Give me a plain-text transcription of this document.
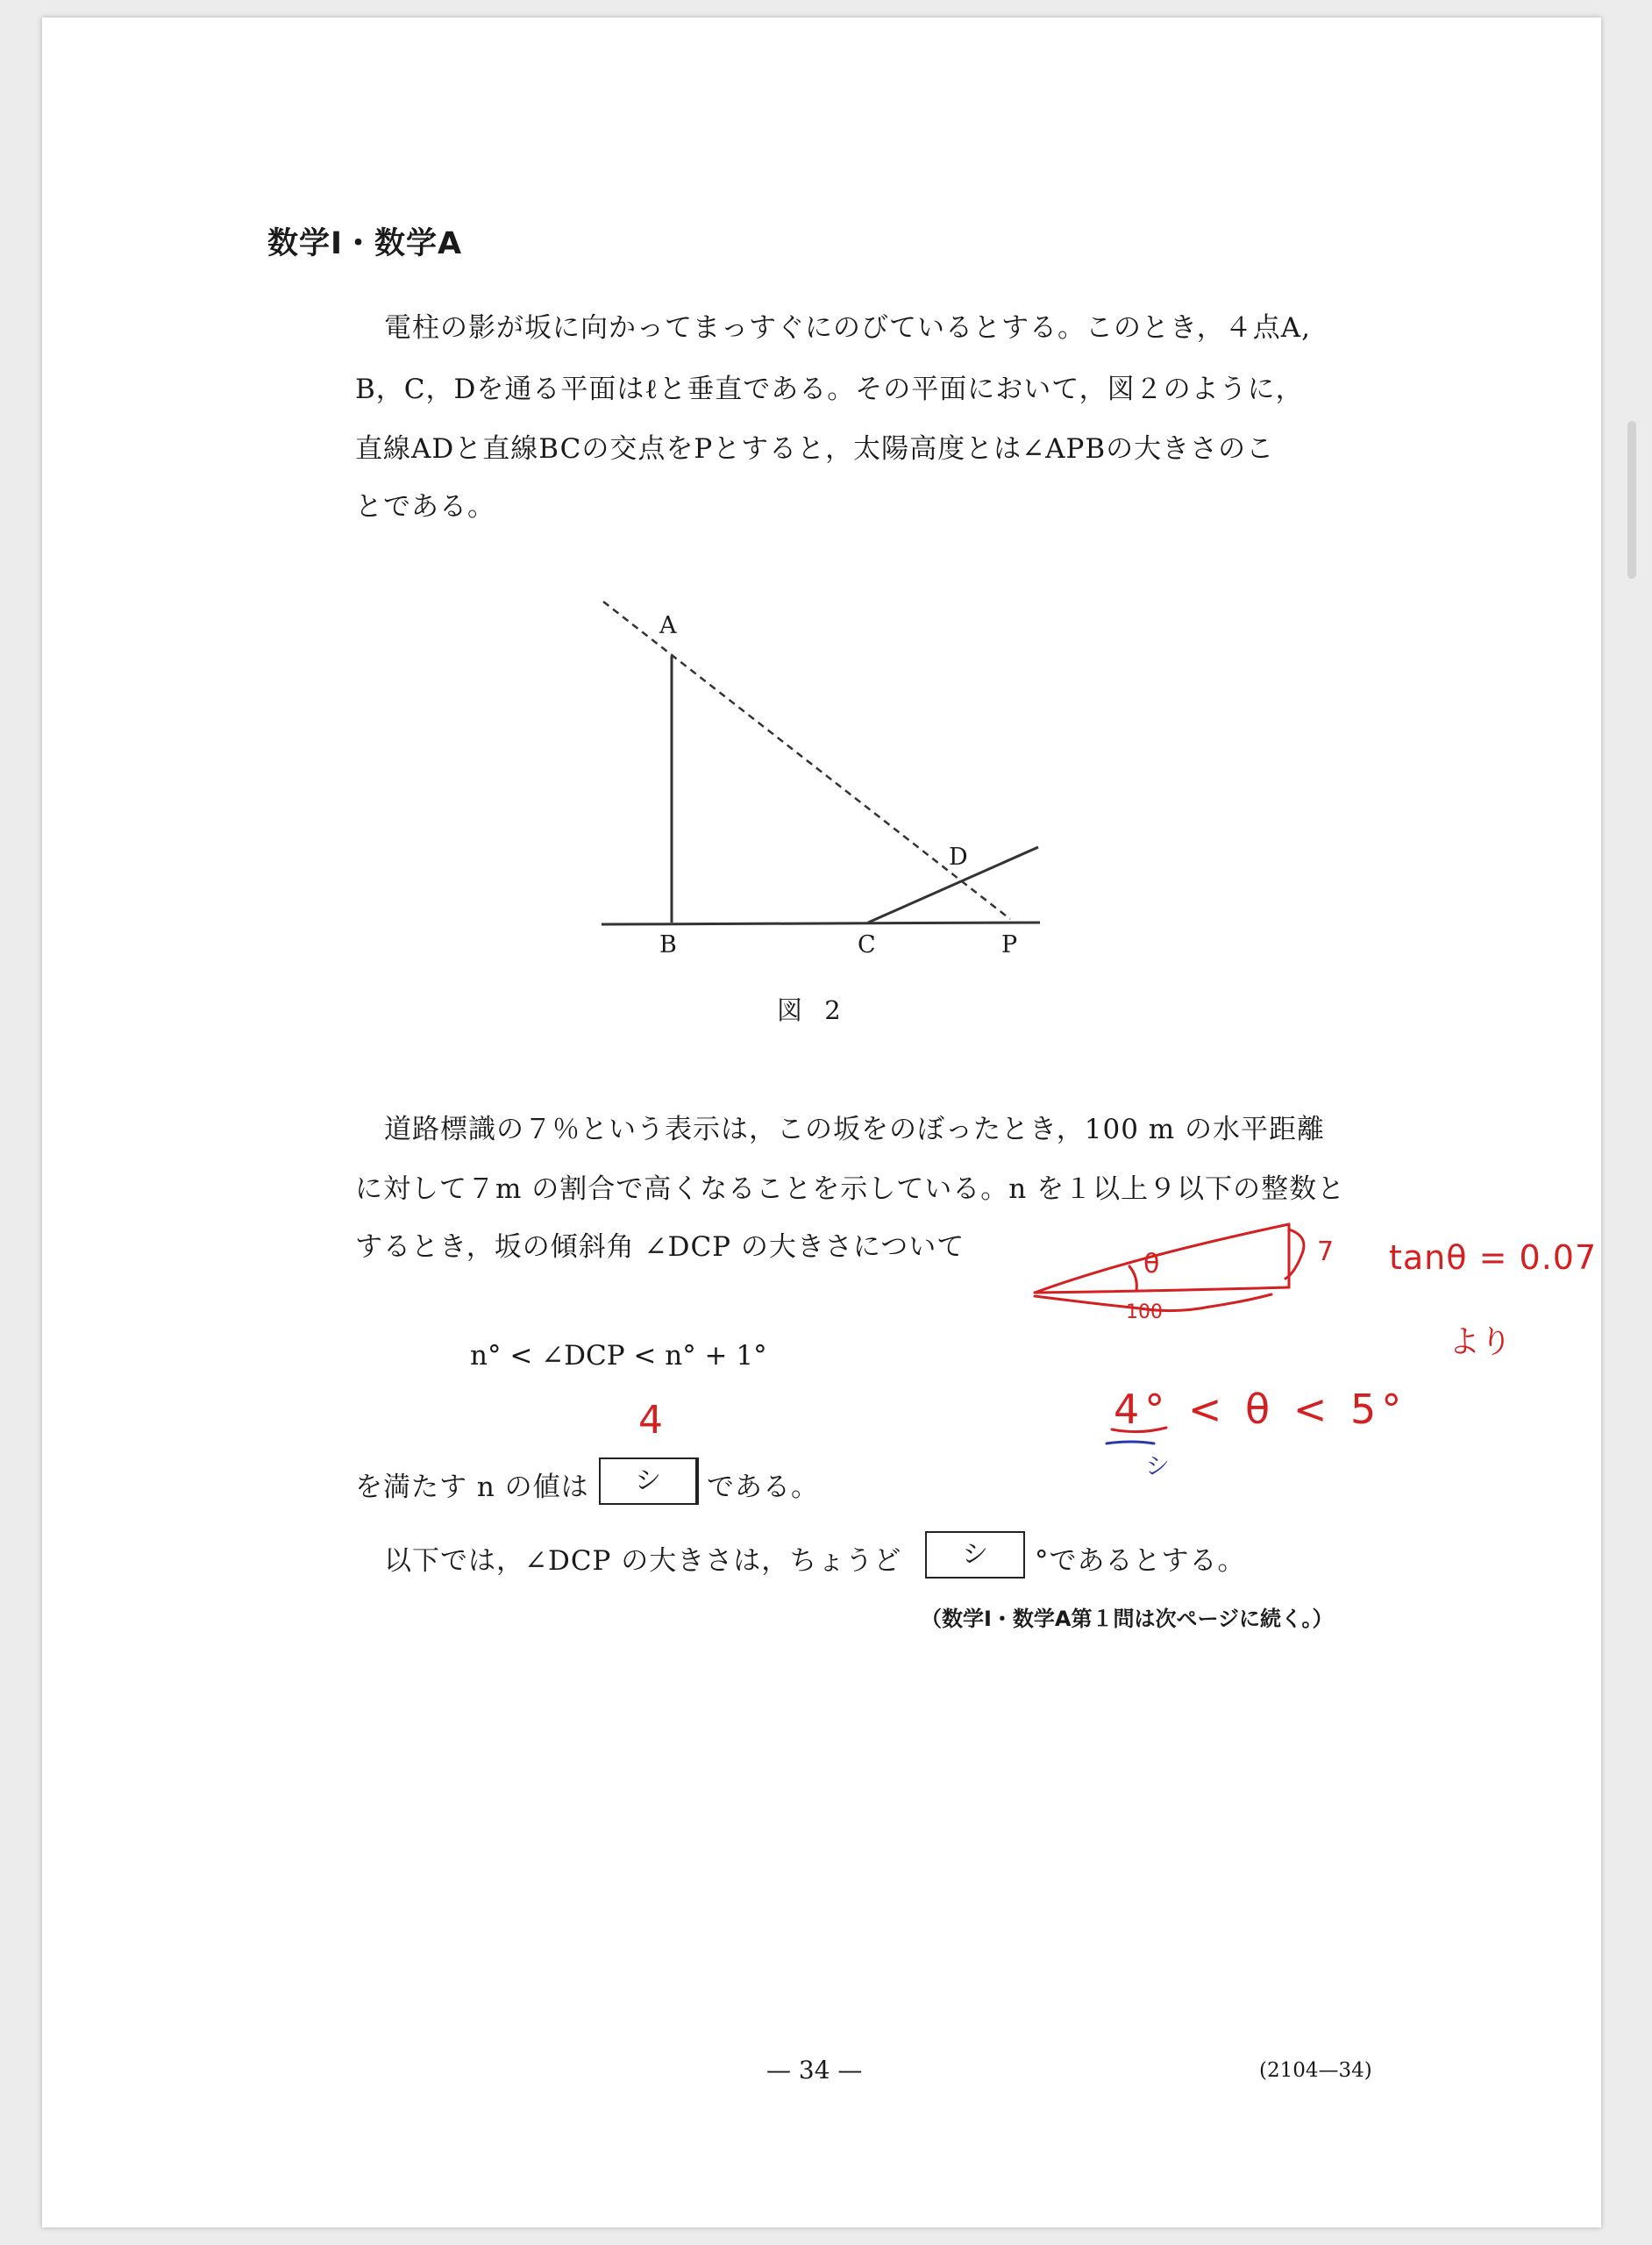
数学Ⅰ・数学A
電柱の影が坂に向かってまっすぐにのびているとする。このとき，４点A,
B，C，Dを通る平面はℓと垂直である。その平面において，図２のように，
直線ADと直線BCの交点をPとすると，太陽高度とは∠APBの大きさのこ
とである。
A
B	C
D
P
図 2
道路標識の７％という表示は，この坂をのぼったとき，100 m の水平距離
に対して７m の割合で高くなることを示している。n を１以上９以下の整数と
するとき，坂の傾斜角 ∠DCP の大きさについて
n° < ∠DCP < n° + 1°
を満たす n の値は	シ	である。
以下では，∠DCP の大きさは，ちょうど	シ	°であるとする。
（数学Ⅰ・数学A第１問は次ページに続く。）
— 34 —	(2104—34)
4
θ
100
7 tanθ = 0.07
より
4° < θ < 5°
シ
